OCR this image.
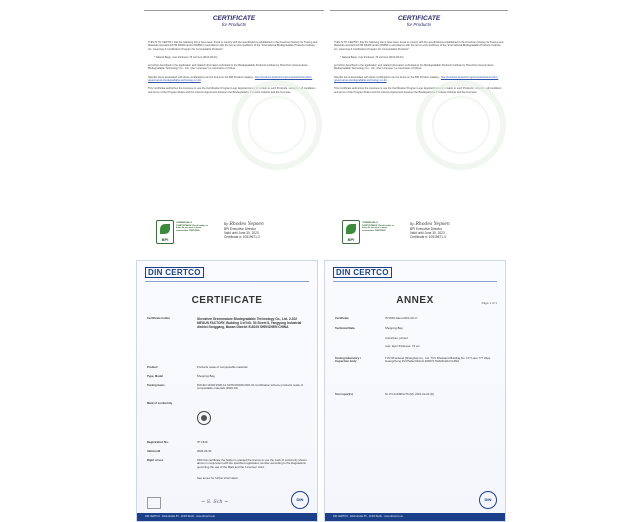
CERTIFICATE
for Products

THIS IS TO CERTIFY that the following items have been found to comply with the specifications established in the American Society for Testing and Materials standard ASTM D6400 and/or D6868 in accordance with the terms and conditions of the "International Biodegradable Products Institute, Inc. Licensing & Certification Program for Compostable Products":

* Natural Bags, max thickness 79 microns (3110-09-01)

as further described in the application and related information submitted to the Biodegradable Products Institute by Shenzhen Greenmature Biodegradable Technology Co., Ltd., (the "Licensee") a corporation of China.

Specific items associated with these certifications can be found on the BPI Product Catalog - http://products.bpiworld.org/companies/shenzhen-greenmature-biodegradable-technology-co-ltd

This Certificate authorizes the Licensee to use the Certification Program Logo depicted below in relation to such Products, subject to all conditions and terms of the Program Rules and the License Agreement between the Biodegradable Products Institute and the Licensee.

BPI
COMMERCIALLY COMPOSTABLE Check locally, as these do not exist in many communities CERTIFIED
By: Rhodes Yepsen
BPI Executive Director
Valid until June 30, 2023
Certificate #: 10519671-3
CERTIFICATE
for Products

THIS IS TO CERTIFY that the following items have been found to comply with the specifications established in the American Society for Testing and Materials standard ASTM D6400 and/or D6868 in accordance with the terms and conditions of the "International Biodegradable Products Institute, Inc. Licensing & Certification Program for Compostable Products":

* Natural Bags, max thickness 79 microns (3110-09-01)

as further described in the application and related information submitted to the Biodegradable Products Institute by Shenzhen Greenmature Biodegradable Technology Co., Ltd., (the "Licensee") a corporation of China.

Specific items associated with these certifications can be found on the BPI Product Catalog - http://products.bpiworld.org/companies/shenzhen-greenmature-biodegradable-technology-co-ltd

This Certificate authorizes the Licensee to use the Certification Program Logo depicted below in relation to such Products, subject to all conditions and terms of the Program Rules and the License Agreement between the Biodegradable Products Institute and the Licensee.

BPI
COMMERCIALLY COMPOSTABLE Check locally, as these do not exist in many communities CERTIFIED
By: Rhodes Yepsen
BPI Executive Director
Valid until June 30, 2023
Certificate #: 10519671-3
DIN CERTCO
CERTIFICATE
Certificate holder	Shenzhen Greenmature Biodegradable Technology Co., Ltd. 2-102 MEGUN FACTORY, Building 3 of NO. 53 Street 8, Yangyong Industrial district Songgang, Baoan District 518105 SHENZHEN CHINA
Product	Products made of compostable materials
Type, Model	Shopping Bag
Testing basis	DIN EN 13432:2000-12 ASTM D6400:2021-01 Certification scheme products made of compostable materials (2020-04)
Mark of conformity
Registration No.	7P 1549
Valid until	2026-09-30
Right of use	With this certificate the holder is granted the licence to use the mark of conformity shown above in conjunction with the specified registration number according to the Regulations governing the use of the Mark and the 'Licensee' cited.
See annex for further information.
~ S. Sch ~	DIN
DIN CERTCO · Alboinstraße 56 · 12103 Berlin · www.dincertco.de
DIN CERTCO
ANNEX	Page 1 of 1
Certificate	7P1549 dated 2021-09-17
Technical Data	Shopping Bag
colourless, printed
max. layer thickness: 70 µm
Testing laboratory / Inspection body
TÜV Rheinland (Shanghai) Co., Ltd. TÜV Rheinland Building No. 177 Lane 777 West Guangzhong Rd Zhabei District 200072 SHANGHAI CHINA
Test report(s)	Nr. P3 214/80/A/76 (M); 2021-02-24 (D)
DIN
DIN CERTCO · Alboinstraße 56 · 12103 Berlin · www.dincertco.de
